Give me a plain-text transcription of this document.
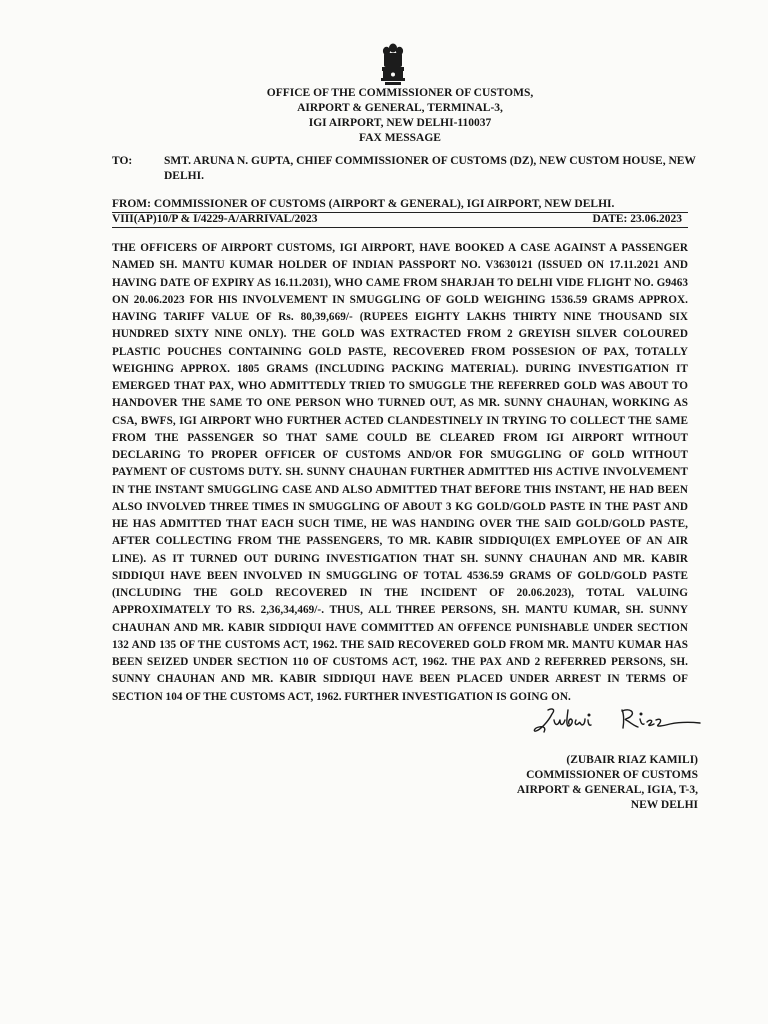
OFFICE OF THE COMMISSIONER OF CUSTOMS,
AIRPORT & GENERAL, TERMINAL-3,
IGI AIRPORT, NEW DELHI-110037
FAX MESSAGE
TO:	SMT. ARUNA N. GUPTA, CHIEF COMMISSIONER OF CUSTOMS (DZ), NEW CUSTOM HOUSE, NEW DELHI.
FROM: COMMISSIONER OF CUSTOMS (AIRPORT & GENERAL), IGI AIRPORT, NEW DELHI.
VIII(AP)10/P & I/4229-A/ARRIVAL/2023	DATE: 23.06.2023
THE OFFICERS OF AIRPORT CUSTOMS, IGI AIRPORT, HAVE BOOKED A CASE AGAINST A PASSENGER NAMED SH. MANTU KUMAR HOLDER OF INDIAN PASSPORT NO. V3630121 (ISSUED ON 17.11.2021 AND HAVING DATE OF EXPIRY AS 16.11.2031), WHO CAME FROM SHARJAH TO DELHI VIDE FLIGHT NO. G9463 ON 20.06.2023 FOR HIS INVOLVEMENT IN SMUGGLING OF GOLD WEIGHING 1536.59 GRAMS APPROX. HAVING TARIFF VALUE OF Rs. 80,39,669/- (RUPEES EIGHTY LAKHS THIRTY NINE THOUSAND SIX HUNDRED SIXTY NINE ONLY). THE GOLD WAS EXTRACTED FROM 2 GREYISH SILVER COLOURED PLASTIC POUCHES CONTAINING GOLD PASTE, RECOVERED FROM POSSESION OF PAX, TOTALLY WEIGHING APPROX. 1805 GRAMS (INCLUDING PACKING MATERIAL). DURING INVESTIGATION IT EMERGED THAT PAX, WHO ADMITTEDLY TRIED TO SMUGGLE THE REFERRED GOLD WAS ABOUT TO HANDOVER THE SAME TO ONE PERSON WHO TURNED OUT, AS MR. SUNNY CHAUHAN, WORKING AS CSA, BWFS, IGI AIRPORT WHO FURTHER ACTED CLANDESTINELY IN TRYING TO COLLECT THE SAME FROM THE PASSENGER SO THAT SAME COULD BE CLEARED FROM IGI AIRPORT WITHOUT DECLARING TO PROPER OFFICER OF CUSTOMS AND/OR FOR SMUGGLING OF GOLD WITHOUT PAYMENT OF CUSTOMS DUTY. SH. SUNNY CHAUHAN FURTHER ADMITTED HIS ACTIVE INVOLVEMENT IN THE INSTANT SMUGGLING CASE AND ALSO ADMITTED THAT BEFORE THIS INSTANT, HE HAD BEEN ALSO INVOLVED THREE TIMES IN SMUGGLING OF ABOUT 3 KG GOLD/GOLD PASTE IN THE PAST AND HE HAS ADMITTED THAT EACH SUCH TIME, HE WAS HANDING OVER THE SAID GOLD/GOLD PASTE, AFTER COLLECTING FROM THE PASSENGERS, TO MR. KABIR SIDDIQUI(EX EMPLOYEE OF AN AIR LINE). AS IT TURNED OUT DURING INVESTIGATION THAT SH. SUNNY CHAUHAN AND MR. KABIR SIDDIQUI HAVE BEEN INVOLVED IN SMUGGLING OF TOTAL 4536.59 GRAMS OF GOLD/GOLD PASTE (INCLUDING THE GOLD RECOVERED IN THE INCIDENT OF 20.06.2023), TOTAL VALUING APPROXIMATELY TO RS. 2,36,34,469/-. THUS, ALL THREE PERSONS, SH. MANTU KUMAR, SH. SUNNY CHAUHAN AND MR. KABIR SIDDIQUI HAVE COMMITTED AN OFFENCE PUNISHABLE UNDER SECTION 132 AND 135 OF THE CUSTOMS ACT, 1962. THE SAID RECOVERED GOLD FROM MR. MANTU KUMAR HAS BEEN SEIZED UNDER SECTION 110 OF CUSTOMS ACT, 1962. THE PAX AND 2 REFERRED PERSONS, SH. SUNNY CHAUHAN AND MR. KABIR SIDDIQUI HAVE BEEN PLACED UNDER ARREST IN TERMS OF SECTION 104 OF THE CUSTOMS ACT, 1962. FURTHER INVESTIGATION IS GOING ON.
(ZUBAIR RIAZ KAMILI)
COMMISSIONER OF CUSTOMS
AIRPORT & GENERAL, IGIA, T-3,
NEW DELHI
